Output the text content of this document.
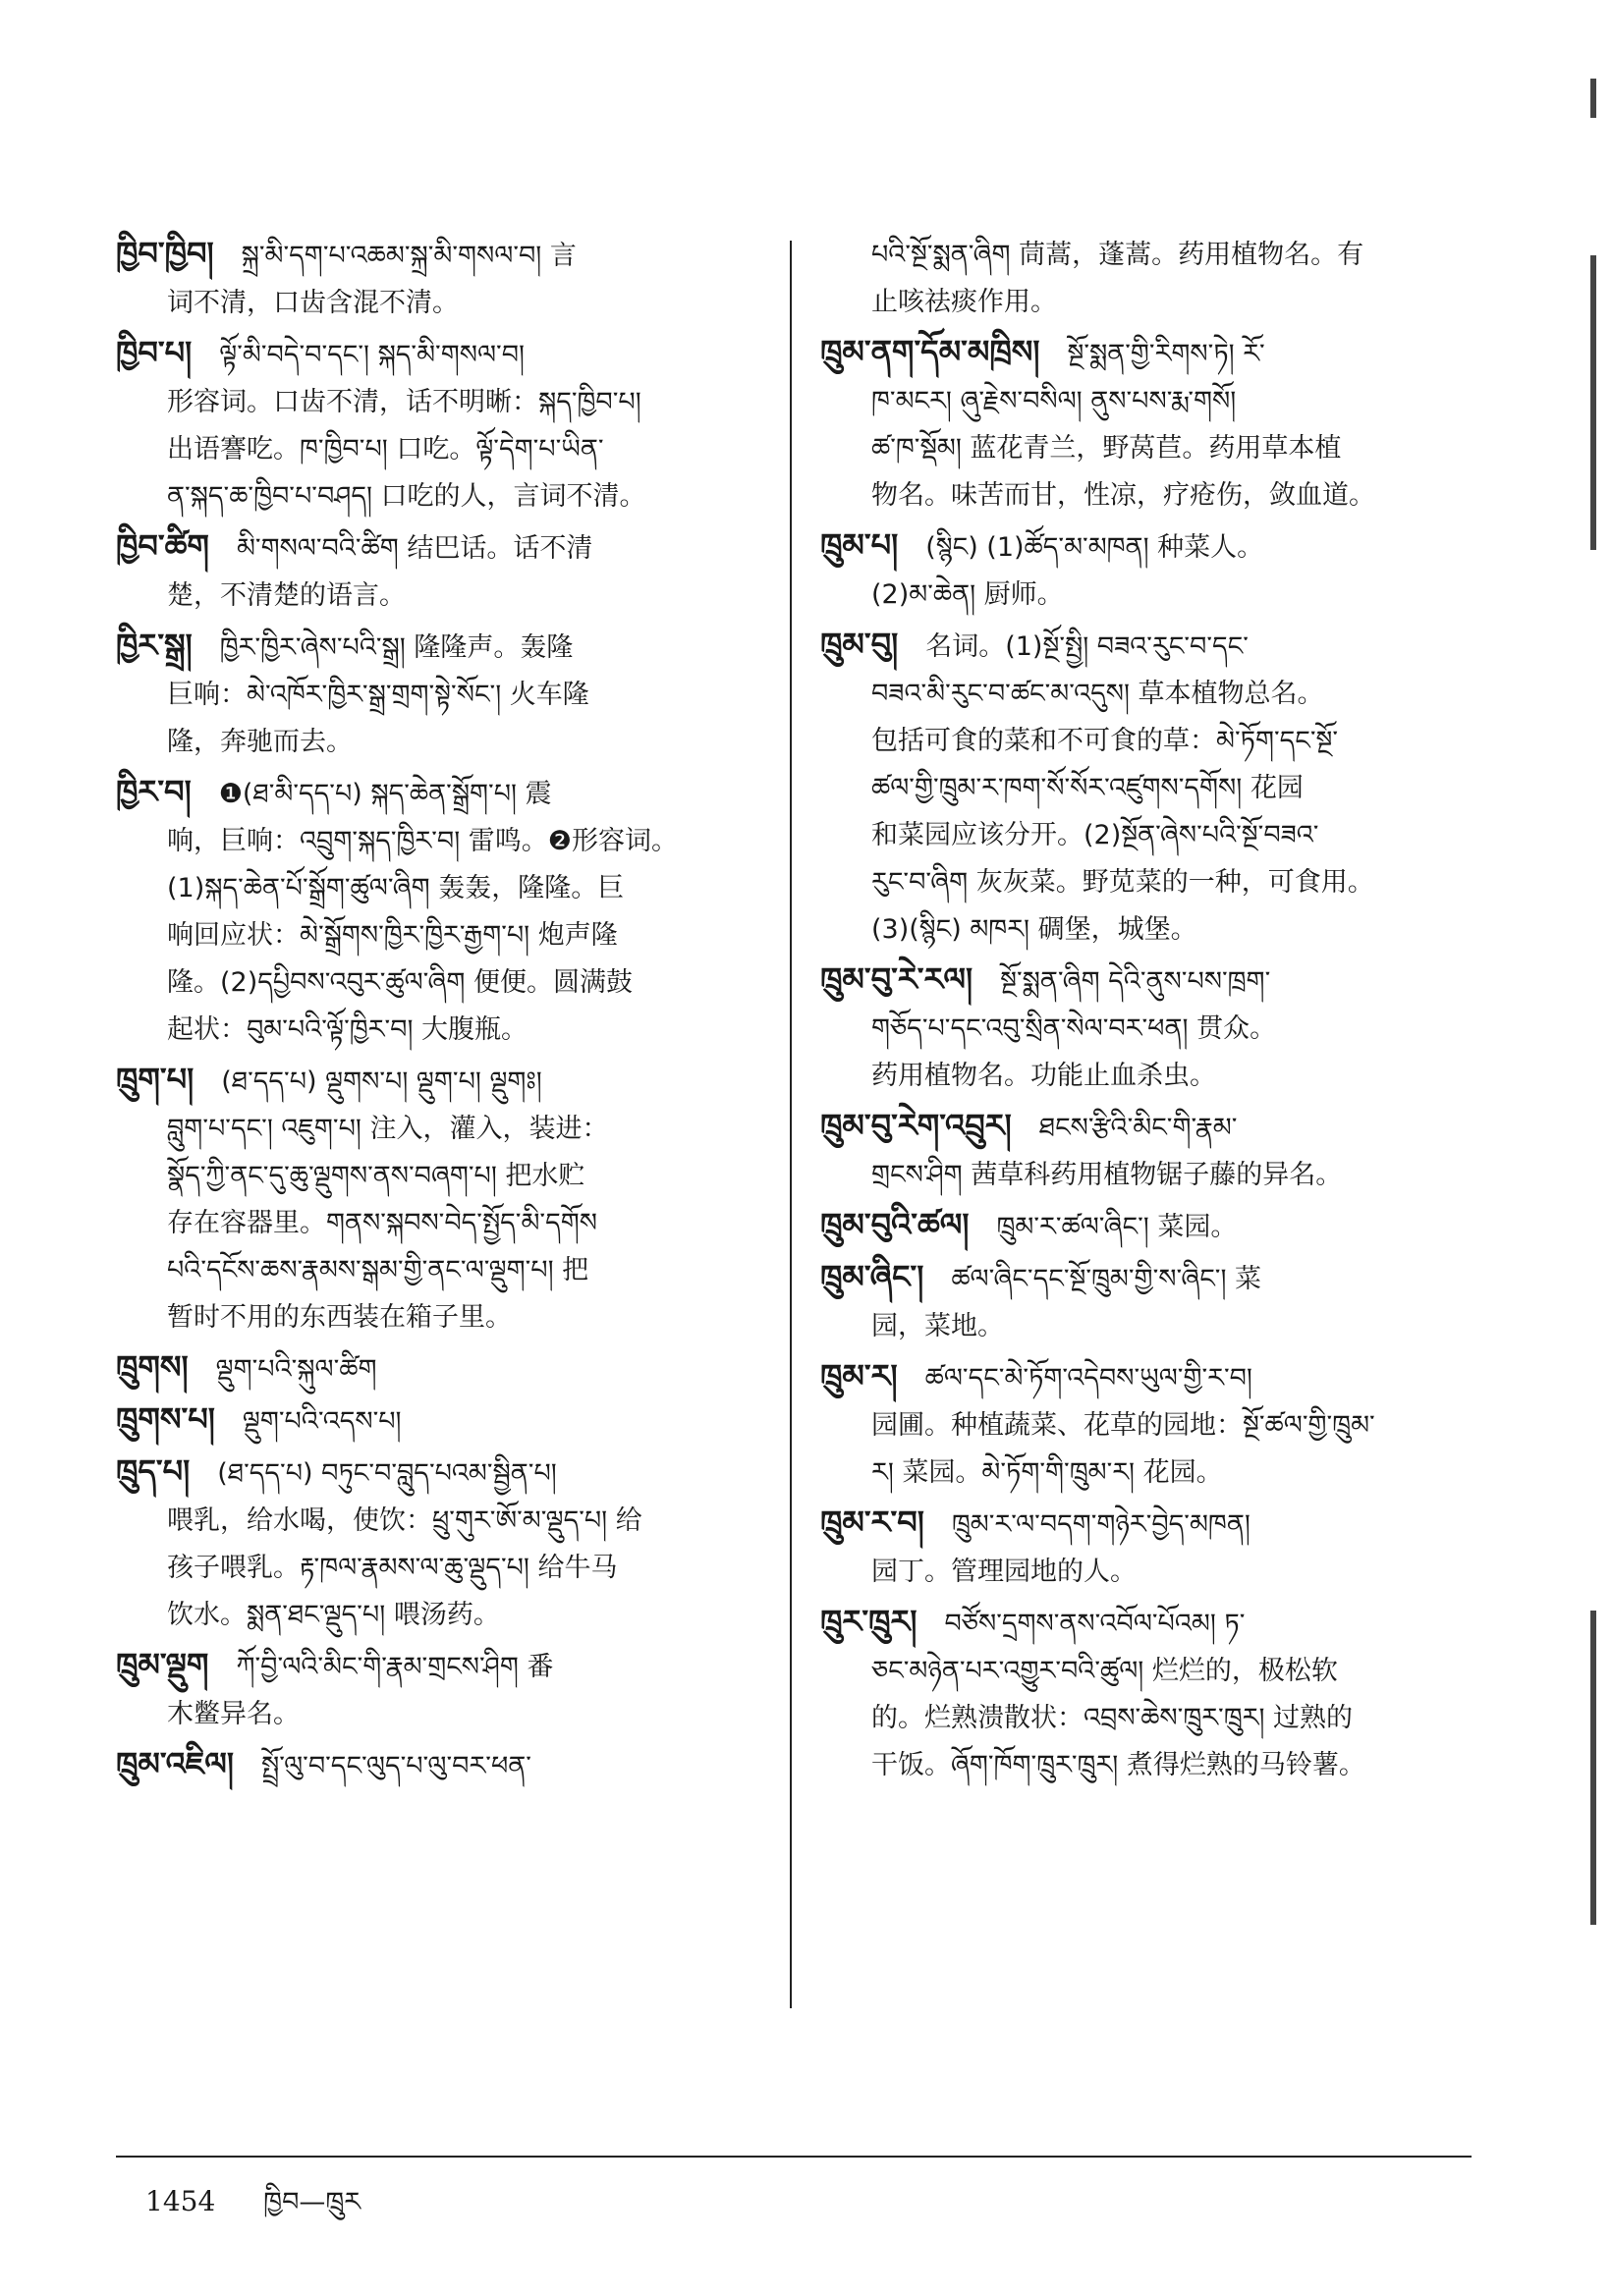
ཁྱིབ་ཁྱིབ།  སྐྲ་མི་དག་པ་འཆམ་སྐྲ་མི་གསལ་བ། 言
词不清，口齿含混不清。
ཁྱིབ་པ།  ལྟོ་མི་བདེ་བ་དང་། སྐད་མི་གསལ་བ།
形容词。口齿不清，话不明晰：སྐད་ཁྱིབ་པ།
出语謇吃。ཁ་ཁྱིབ་པ། 口吃。ལྟོ་དེག་པ་ཡིན་
ན་སྐད་ཆ་ཁྱིབ་པ་བཤད། 口吃的人，言词不清。
ཁྱིབ་ཚིག  མི་གསལ་བའི་ཚིག 结巴话。话不清
楚，不清楚的语言。
ཁྱིར་སྒྲ།  ཁྱིར་ཁྱིར་ཞེས་པའི་སྒྲ། 隆隆声。轰隆
巨响：མེ་འཁོར་ཁྱིར་སྒྲ་གྲག་སྟེ་སོང་། 火车隆
隆，奔驰而去。
ཁྱིར་བ།  ❶(ཐ་མི་དད་པ) སྐད་ཆེན་སྒྲོག་པ། 震
响，巨响：འབྲུག་སྐད་ཁྱིར་བ། 雷鸣。❷形容词。
(1)སྐད་ཆེན་པོ་སྒྲོག་ཚུལ་ཞིག 轰轰，隆隆。巨
响回应状：མེ་སྒྲོགས་ཁྱིར་ཁྱིར་རྒྱག་པ། 炮声隆
隆。(2)དཔྱིབས་འབུར་ཚུལ་ཞིག 便便。圆满鼓
起状：བུམ་པའི་ལྟོ་ཁྱིར་བ། 大腹瓶。
ཁྲུག་པ།  (ཐ་དད་པ) ལྡུགས་པ། ལྡུག་པ། ལྡུགཿ།
བླུག་པ་དང་། འཇུག་པ། 注入，灌入，装进：
སྣོད་ཀྱི་ནང་དུ་ཆུ་ལྡུགས་ནས་བཞག་པ། 把水贮
存在容器里。གནས་སྐབས་བེད་སྤྱོད་མི་དགོས
པའི་དངོས་ཆས་རྣམས་སྒམ་གྱི་ནང་ལ་ལྡུག་པ། 把
暂时不用的东西装在箱子里。
ཁྲུགས།  ལྡུག་པའི་སྐུལ་ཚིག
ཁྲུགས་པ།  ལྡུག་པའི་འདས་པ།
ཁྲུད་པ།  (ཐ་དད་པ) བཏུང་བ་བླུད་པའམ་སྦྱིན་པ།
喂乳，给水喝，使饮：ཕྲུ་གུར་ཨོ་མ་ལྡུད་པ། 给
孩子喂乳。རྟ་ཁལ་རྣམས་ལ་ཆུ་ལྡུད་པ། 给牛马
饮水。སྨན་ཐང་ལྡུད་པ། 喂汤药。
ཁྲུམ་ལྡུག  ཀོ་བྱི་ལའི་མིང་གི་རྣམ་གྲངས་ཤིག 番
木鳖异名。
ཁྲུམ་འཇིལ།  སྤྲོ་ལུ་བ་དང་ལུད་པ་ལུ་བར་ཕན་
པའི་སྔོ་སྨན་ཞིག 茼蒿，蓬蒿。药用植物名。有
止咳祛痰作用。
ཁྲུམ་ནག་དོམ་མཁྲིས།  སྔོ་སྨན་གྱི་རིགས་ཏེ། རོ་
ཁ་མངར། ཞུ་རྗེས་བསིལ། ནུས་པས་རྨ་གསོ།
ཚ་ཁ་སྡོམ། 蓝花青兰，野莴苣。药用草本植
物名。味苦而甘，性凉，疗疮伤，敛血道。
ཁྲུམ་པ།  (སྙིང) (1)ཚོད་མ་མཁན། 种菜人。
(2)མ་ཆེན། 厨师。
ཁྲུམ་བུ།  名词。(1)སྔོ་སྤྱི། བཟའ་རུང་བ་དང་
བཟའ་མི་རུང་བ་ཚང་མ་འདུས། 草本植物总名。
包括可食的菜和不可食的草：མེ་ཏོག་དང་སྔོ་
ཚལ་གྱི་ཁྲུམ་ར་ཁག་སོ་སོར་འཛུགས་དགོས། 花园
和菜园应该分开。(2)སྔོན་ཞེས་པའི་སྔོ་བཟའ་
རུང་བ་ཞིག 灰灰菜。野苋菜的一种，可食用。
(3)(སྙིང) མཁར། 碉堡，城堡。
ཁྲུམ་བུ་རེ་རལ།  སྔོ་སྨན་ཞིག དེའི་ནུས་པས་ཁྲག་
གཅོད་པ་དང་འབུ་སྲིན་སེལ་བར་ཕན། 贯众。
药用植物名。功能止血杀虫。
ཁྲུམ་བུ་རེག་འབྲུར།  ཐངས་རྩིའི་མིང་གི་རྣམ་
གྲངས་ཤིག 茜草科药用植物锯子藤的异名。
ཁྲུམ་བུའི་ཚལ།  ཁྲུམ་ར་ཚལ་ཞིང་། 菜园。
ཁྲུམ་ཞིང་།  ཚལ་ཞིང་དང་སྔོ་ཁྲུམ་གྱི་ས་ཞིང་། 菜
园，菜地。
ཁྲུམ་ར།  ཚལ་དང་མེ་ཏོག་འདེབས་ཡུལ་གྱི་ར་བ།
园圃。种植蔬菜、花草的园地：སྔོ་ཚལ་གྱི་ཁྲུམ་
ར། 菜园。མེ་ཏོག་གི་ཁྲུམ་ར། 花园。
ཁྲུམ་ར་བ།  ཁྲུམ་ར་ལ་བདག་གཉེར་བྱེད་མཁན།
园丁。管理园地的人。
ཁྲུར་ཁྲུར།  བཙོས་དྲགས་ནས་འབོལ་པོའམ། ཏ་
ཅང་མཉེན་པར་འགྱུར་བའི་ཚུལ། 烂烂的，极松软
的。烂熟溃散状：འབྲས་ཆེས་ཁྲུར་ཁྲུར། 过熟的
干饭。ཞོག་ཁོག་ཁྲུར་ཁྲུར། 煮得烂熟的马铃薯。
1454 ཁྱིབ—ཁྲུར
